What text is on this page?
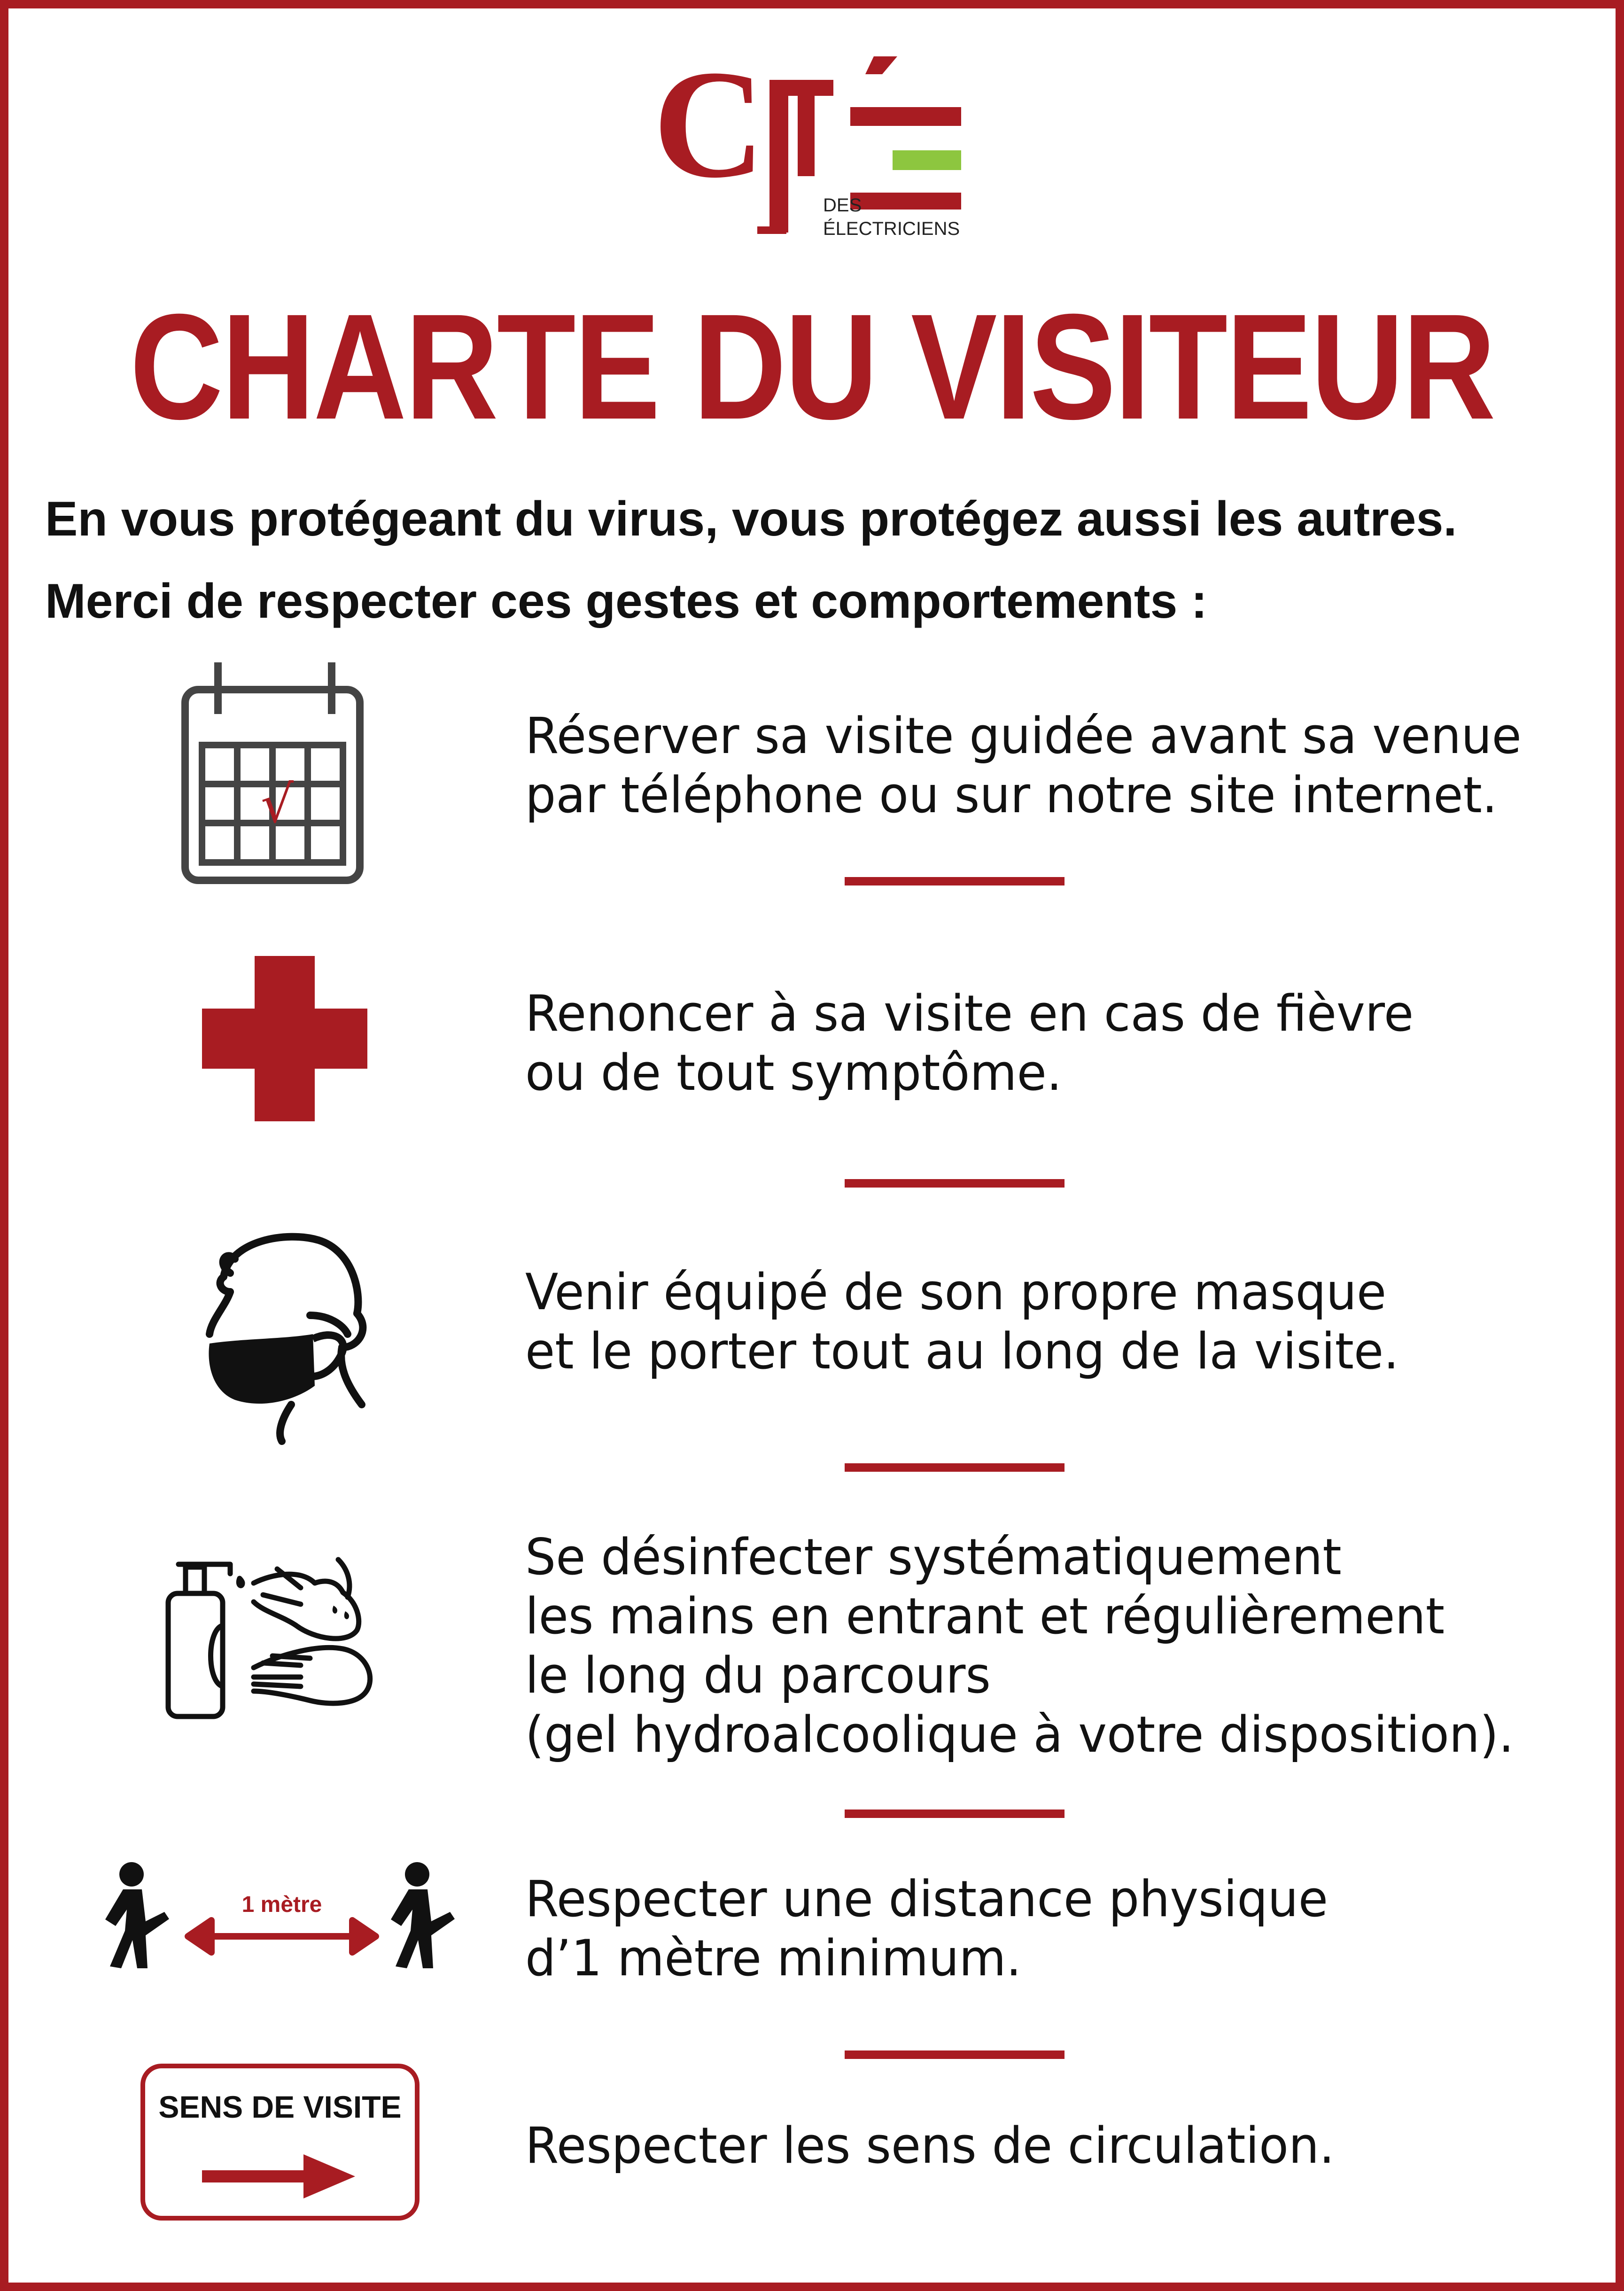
C	DES
ÉLECTRICIENS
CHARTE DU VISITEUR
En vous protégeant du virus, vous protégez aussi les autres.
Merci de respecter ces gestes et comportements :
√
Réserver sa visite guidée avant sa venue
par téléphone ou sur notre site internet.
Renoncer à sa visite en cas de fièvre
ou de tout symptôme.
Venir équipé de son propre masque
et le porter tout au long de la visite.
Se désinfecter systématiquement
les mains en entrant et régulièrement
le long du parcours
(gel hydroalcoolique à votre disposition).
1 mètre	Respecter une distance physique
d’1 mètre minimum.
SENS DE VISITE
Respecter les sens de circulation.
